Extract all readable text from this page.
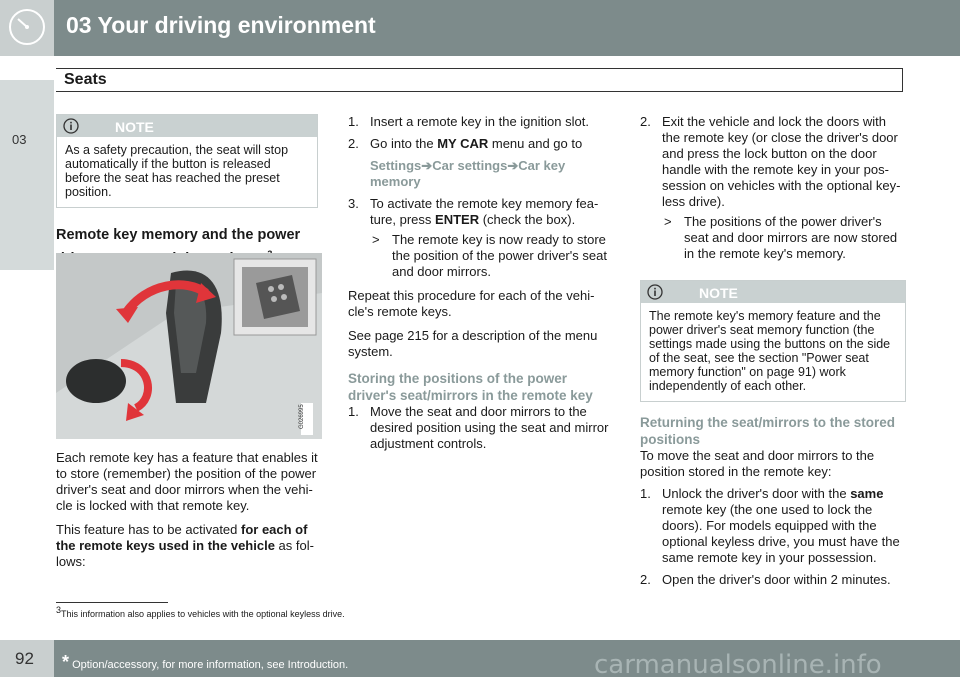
03 Your driving environment
03
Seats
NOTE
As a safety precaution, the seat will stop automatically if the button is released before the seat has reached the preset position.
Remote key memory and the power
G026995

Each remote key has a feature that enables it to store (remember) the position of the power driver's seat and door mirrors when the vehi-cle is locked with that remote key.

This feature has to be activated for each of the remote keys used in the vehicle as fol-lows:

1. Insert a remote key in the ignition slot.
2. Go into the MY CAR menu and go to
Settings➔Car settings➔Car key memory
3. To activate the remote key memory fea-ture, press ENTER (check the box).
> The remote key is now ready to store the position of the power driver's seat and door mirrors.

Repeat this procedure for each of the vehi-cle's remote keys.

See page 215 for a description of the menu system.

Storing the positions of the power driver's seat/mirrors in the remote key
1. Move the seat and door mirrors to the desired position using the seat and mirror adjustment controls.
2. Exit the vehicle and lock the doors with the remote key (or close the driver's door and press the lock button on the door handle with the remote key in your pos-session on vehicles with the optional key-less drive).
> The positions of the power driver's seat and door mirrors are now stored in the remote key's memory.
NOTE
The remote key's memory feature and the power driver's seat memory function (the settings made using the buttons on the side of the seat, see the section "Power seat memory function" on page 91) work independently of each other.
Returning the seat/mirrors to the stored positions

To move the seat and door mirrors to the position stored in the remote key:

1. Unlock the driver's door with the same remote key (the one used to lock the doors). For models equipped with the optional keyless drive, you must have the same remote key in your possession.
2. Open the driver's door within 2 minutes.
$^3$This information also applies to vehicles with the optional keyless drive.
92 * Option/accessory, for more information, see Introduction.	carmanualsonline.info
